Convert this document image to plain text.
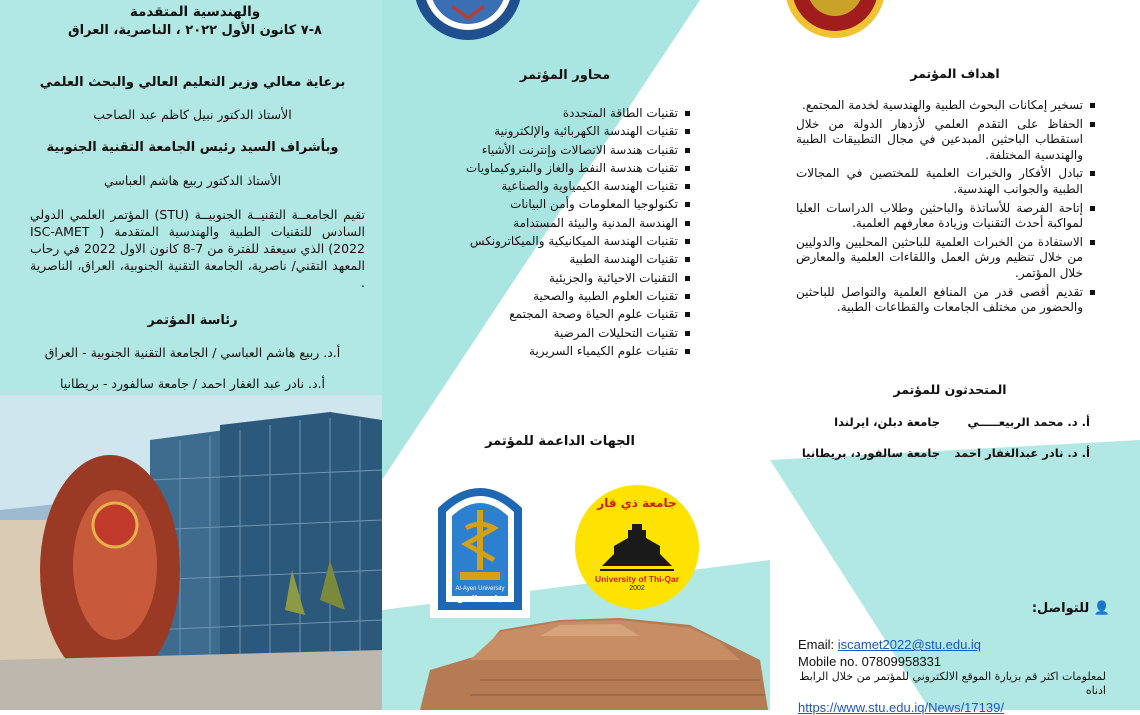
والهندسية المتقدمة
٨-٧ كانون الأول ٢٠٢٢ ، الناصرية، العراق
برعاية معالي وزير التعليم العالي والبحث العلمي
الأستاذ الدكتور نبيل كاظم عبد الصاحب
وبأشراف السيد رئيس الجامعة التقنية الجنوبية
الأستاذ الدكتور ربيع هاشم العباسي
تقيم الجامعــة التقنيــة الجنوبيــة (STU) المؤتمر العلمي الدولي السادس للتقنيات الطبية والهندسية المتقدمة ( ISC-AMET 2022) الذي سيعقد للفترة من 7-8 كانون الاول 2022 في رحاب المعهد التقني/ ناصرية، الجامعة التقنية الجنوبية، العراق، الناصرية .
رئاسة المؤتمر
أ.د. ربيع هاشم العباسي / الجامعة التقنية الجنوبية - العراق
أ.د. نادر عبد الغفار احمد / جامعة سالفورد - بريطانيا
محاور المؤتمر
تقنيات الطاقة المتجددة
تقنيات الهندسة الكهربائية والإلكترونية
تقنيات هندسة الاتصالات وإنترنت الأشياء
تقنيات هندسة النفط والغاز والبتروكيماويات
تقنيات الهندسة الكيمياوية والصناعية
تكنولوجيا المعلومات وأمن البيانات
الهندسة المدنية والبيئة المستدامة
تقنيات الهندسة الميكانيكية والميكاترونكس
تقنيات الهندسة الطبية
التقنيات الاحيائية والجزيئية
تقنيات العلوم الطبية والصحية
تقنيات علوم الحياة وصحة المجتمع
تقنيات التحليلات المرضية
تقنيات علوم الكيمياء السريرية
الجهات الداعمة للمؤتمر
Al-Ayen University
جامعة العين
جامعة ذي قار
University of Thi-Qar
2002
اهداف المؤتمر
تسخير إمكانات البحوث الطبية والهندسية لخدمة المجتمع.
الحفاظ على التقدم العلمي لأزدهار الدولة من خلال استقطاب الباحثين المبدعين في مجال التطبيقات الطبية والهندسية المختلفة.
تبادل الأفكار والخبرات العلمية للمختصين في المجالات الطبية والجوانب الهندسية.
إتاحة الفرصة للأساتذة والباحثين وطلاب الدراسات العليا لمواكبة أحدث التقنيات وزيادة معارفهم العلمية.
الاستفادة من الخبرات العلمية للباحثين المحليين والدوليين من خلال تنظيم ورش العمل واللقاءات العلمية والمعارض خلال المؤتمر.
تقديم أقصى قدر من المنافع العلمية والتواصل للباحثين والحضور من مختلف الجامعات والقطاعات الطبية.
المتحدثون للمؤتمر
أ. د. محمد الربيعـــــي
جامعة دبلن، ايرلندا
أ. د. نادر عبدالغفار احمد
جامعة سالفورد، بريطانيا
👤 للتواصل:
Email: iscamet2022@stu.edu.iq
Mobile no. 07809958331
لمعلومات اكثر قم بزيارة الموقع الالكتروني للمؤتمر من خلال الرابط ادناه
https://www.stu.edu.iq/News/17139/
